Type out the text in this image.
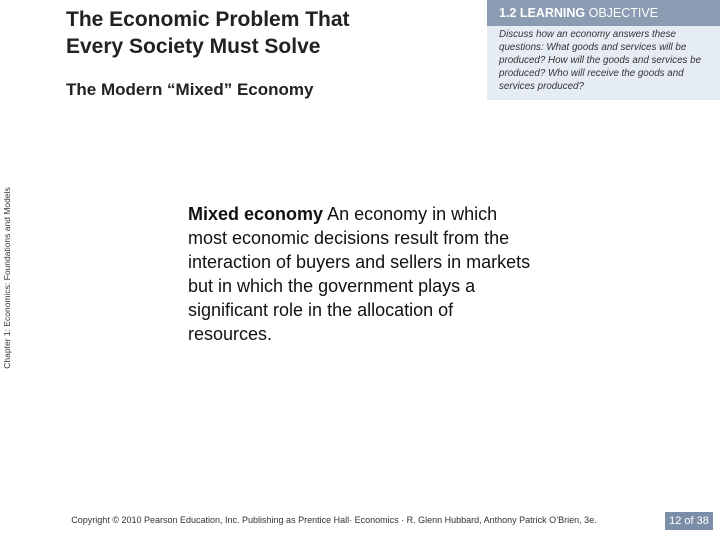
Chapter 1: Economics: Foundations and Models
The Economic Problem That Every Society Must Solve
The Modern “Mixed” Economy
1.2 LEARNING OBJECTIVE
Discuss how an economy answers these questions: What goods and services will be produced? How will the goods and services be produced? Who will receive the goods and services produced?
Mixed economy An economy in which most economic decisions result from the interaction of buyers and sellers in markets but in which the government plays a significant role in the allocation of resources.
Copyright © 2010 Pearson Education, Inc. Publishing as Prentice Hall· Economics · R. Glenn Hubbard, Anthony Patrick O’Brien, 3e.	12 of 38
